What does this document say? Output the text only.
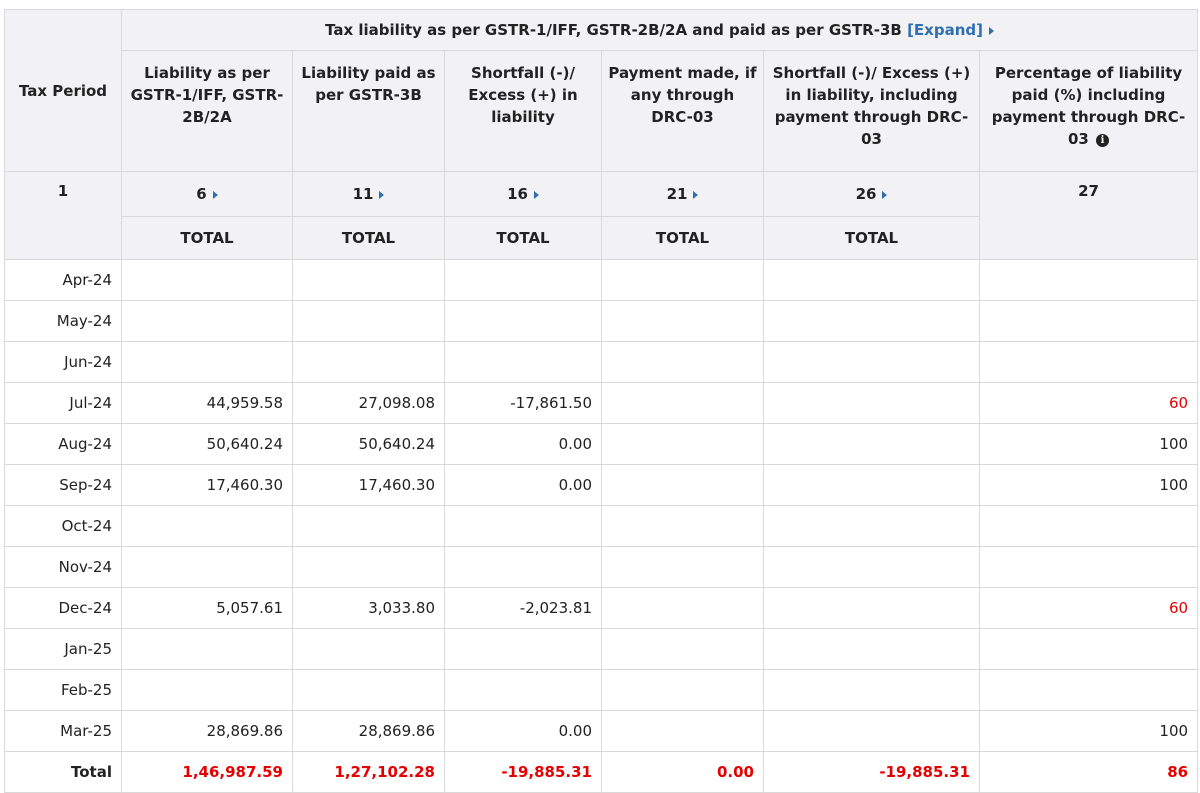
Tax Period	Tax liability as per GSTR-1/IFF, GSTR-2B/2A and paid as per GSTR-3B [Expand]					
	Liability as per GSTR-1/IFF, GSTR-2B/2A	Liability paid as per GSTR-3B	Shortfall (-)/ Excess (+) in liability	Payment made, if any through DRC-03	Shortfall (-)/ Excess (+) in liability, including payment through DRC-03	Percentage of liability paid (%) including payment through DRC-03 i
1	6	11	16	21	26	27
	TOTAL	TOTAL	TOTAL	TOTAL	TOTAL	
Apr-24						
May-24						
Jun-24						
Jul-24	44,959.58	27,098.08	-17,861.50			60
Aug-24	50,640.24	50,640.24	0.00			100
Sep-24	17,460.30	17,460.30	0.00			100
Oct-24						
Nov-24						
Dec-24	5,057.61	3,033.80	-2,023.81			60
Jan-25						
Feb-25						
Mar-25	28,869.86	28,869.86	0.00			100
Total	1,46,987.59	1,27,102.28	-19,885.31	0.00	-19,885.31	86
